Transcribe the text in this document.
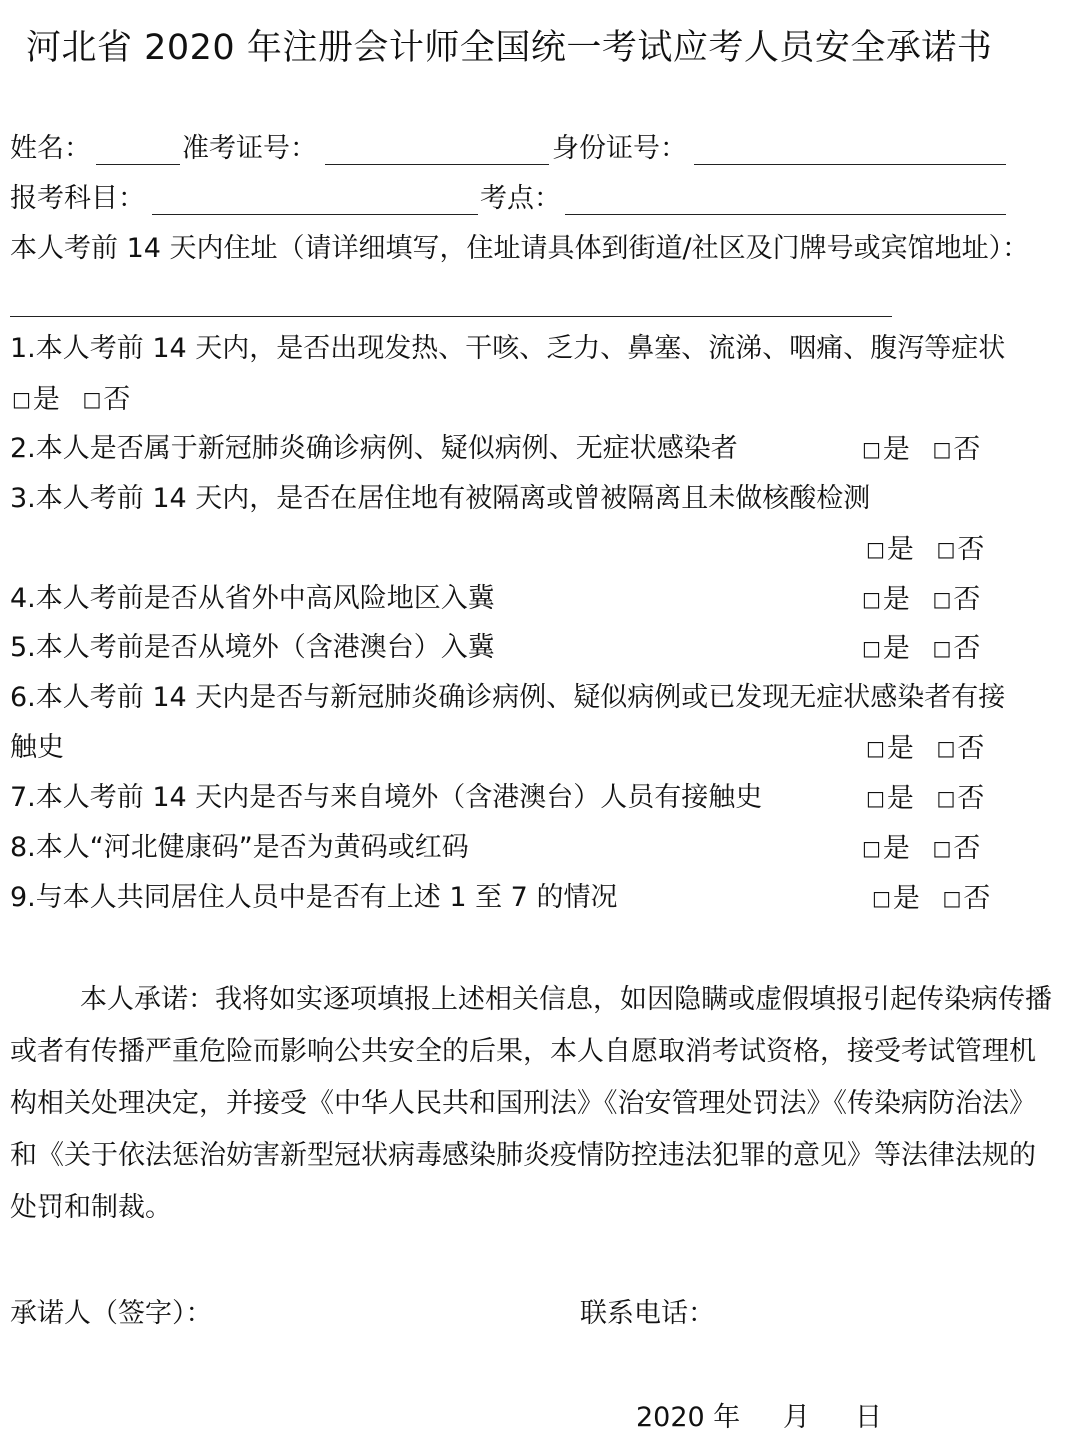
河北省 2020 年注册会计师全国统一考试应考人员安全承诺书
姓名：	准考证号：	身份证号：
报考科目：	考点：
本人考前 14 天内住址（请详细填写，住址请具体到街道/社区及门牌号或宾馆地址）：
1.本人考前 14 天内，是否出现发热、干咳、乏力、鼻塞、流涕、咽痛、腹泻等症状
□是 □否
2.本人是否属于新冠肺炎确诊病例、疑似病例、无症状感染者	□是 □否
3.本人考前 14 天内，是否在居住地有被隔离或曾被隔离且未做核酸检测
□是 □否
4.本人考前是否从省外中高风险地区入冀	□是 □否
5.本人考前是否从境外（含港澳台）入冀	□是 □否
6.本人考前 14 天内是否与新冠肺炎确诊病例、疑似病例或已发现无症状感染者有接
触史	□是 □否
7.本人考前 14 天内是否与来自境外（含港澳台）人员有接触史	□是 □否
8.本人“河北健康码”是否为黄码或红码	□是 □否
9.与本人共同居住人员中是否有上述 1 至 7 的情况	□是 □否
本人承诺：我将如实逐项填报上述相关信息，如因隐瞒或虚假填报引起传染病传播或者有传播严重危险而影响公共安全的后果，本人自愿取消考试资格，接受考试管理机构相关处理决定，并接受《中华人民共和国刑法》《治安管理处罚法》《传染病防治法》和《关于依法惩治妨害新型冠状病毒感染肺炎疫情防控违法犯罪的意见》等法律法规的处罚和制裁。
承诺人（签字）：	联系电话：
2020 年 月 日
